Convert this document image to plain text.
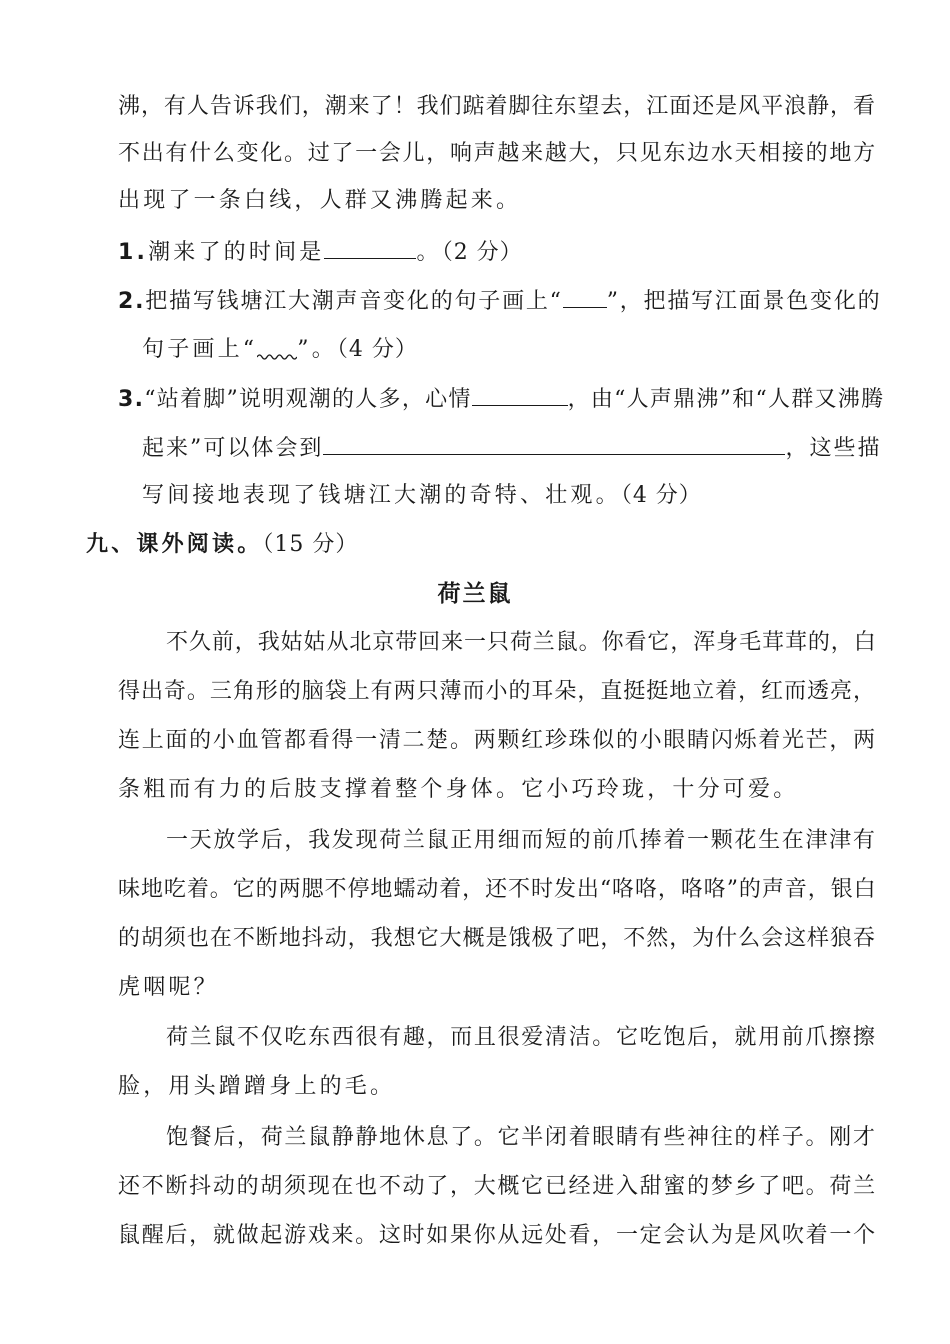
沸，有人告诉我们，潮来了！我们踮着脚往东望去，江面还是风平浪静，看
不出有什么变化。过了一会儿，响声越来越大，只见东边水天相接的地方
出现了一条白线，人群又沸腾起来。
1.潮来了的时间是	。（2 分）
2.把描写钱塘江大潮声音变化的句子画上“ ”，把描写江面景色变化的
句子画上“ ”。（4 分）
3.“站着脚”说明观潮的人多，心情	，由“人声鼎沸”和“人群又沸腾
起来”可以体会到	，这些描
写间接地表现了钱塘江大潮的奇特、壮观。（4 分）
九、课外阅读。（15 分）
荷兰鼠
不久前，我姑姑从北京带回来一只荷兰鼠。你看它，浑身毛茸茸的，白
得出奇。三角形的脑袋上有两只薄而小的耳朵，直挺挺地立着，红而透亮，
连上面的小血管都看得一清二楚。两颗红珍珠似的小眼睛闪烁着光芒，两
条粗而有力的后肢支撑着整个身体。它小巧玲珑，十分可爱。
一天放学后，我发现荷兰鼠正用细而短的前爪捧着一颗花生在津津有
味地吃着。它的两腮不停地蠕动着，还不时发出“咯咯，咯咯”的声音，银白
的胡须也在不断地抖动，我想它大概是饿极了吧，不然，为什么会这样狼吞
虎咽呢？
荷兰鼠不仅吃东西很有趣，而且很爱清洁。它吃饱后，就用前爪擦擦
脸，用头蹭蹭身上的毛。
饱餐后，荷兰鼠静静地休息了。它半闭着眼睛有些神往的样子。刚才
还不断抖动的胡须现在也不动了，大概它已经进入甜蜜的梦乡了吧。荷兰
鼠醒后，就做起游戏来。这时如果你从远处看，一定会认为是风吹着一个
